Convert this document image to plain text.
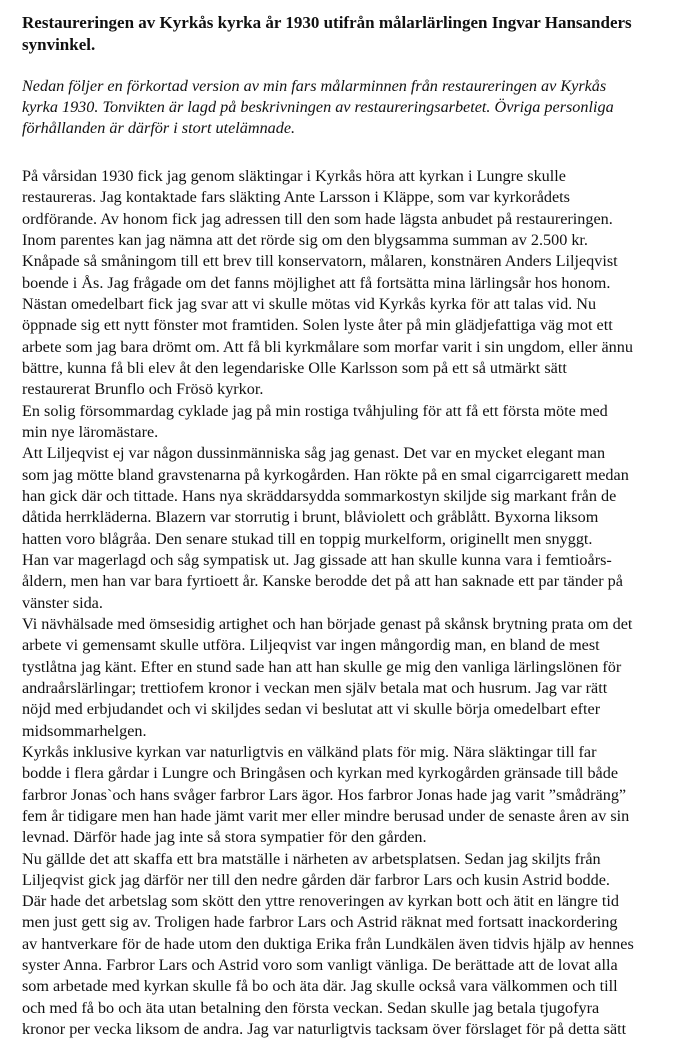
Restaureringen av Kyrkås kyrka år 1930 utifrån målarlärlingen Ingvar Hansanders
synvinkel.

Nedan följer en förkortad version av min fars målarminnen från restaureringen av Kyrkås
kyrka 1930. Tonvikten är lagd på beskrivningen av restaureringsarbetet. Övriga personliga
förhållanden är därför i stort utelämnade.

På vårsidan 1930 fick jag genom släktingar i Kyrkås höra att kyrkan i Lungre skulle
restaureras. Jag kontaktade fars släkting Ante Larsson i Kläppe, som var kyrkorådets
ordförande. Av honom fick jag adressen till den som hade lägsta anbudet på restaureringen.
Inom parentes kan jag nämna att det rörde sig om den blygsamma summan av 2.500 kr.
Knåpade så småningom till ett brev till konservatorn, målaren, konstnären Anders Liljeqvist
boende i Ås. Jag frågade om det fanns möjlighet att få fortsätta mina lärlingsår hos honom.
Nästan omedelbart fick jag svar att vi skulle mötas vid Kyrkås kyrka för att talas vid. Nu
öppnade sig ett nytt fönster mot framtiden. Solen lyste åter på min glädjefattiga väg mot ett
arbete som jag bara drömt om. Att få bli kyrkmålare som morfar varit i sin ungdom, eller ännu
bättre, kunna få bli elev åt den legendariske Olle Karlsson som på ett så utmärkt sätt
restaurerat Brunflo och Frösö kyrkor.
En solig försommardag cyklade jag på min rostiga tvåhjuling för att få ett första möte med
min nye läromästare.
Att Liljeqvist ej var någon dussinmänniska såg jag genast. Det var en mycket elegant man
som jag mötte bland gravstenarna på kyrkogården. Han rökte på en smal cigarrcigarett medan
han gick där och tittade. Hans nya skräddarsydda sommarkostyn skiljde sig markant från de
dåtida herrkläderna. Blazern var storrutig i brunt, blåviolett och gråblått. Byxorna liksom
hatten voro blågråa. Den senare stukad till en toppig murkelform, originellt men snyggt.
Han var magerlagd och såg sympatisk ut. Jag gissade att han skulle kunna vara i femtioårs-
åldern, men han var bara fyrtioett år. Kanske berodde det på att han saknade ett par tänder på
vänster sida.
Vi nävhälsade med ömsesidig artighet och han började genast på skånsk brytning prata om det
arbete vi gemensamt skulle utföra. Liljeqvist var ingen mångordig man, en bland de mest
tystlåtna jag känt. Efter en stund sade han att han skulle ge mig den vanliga lärlingslönen för
andraårslärlingar; trettiofem kronor i veckan men själv betala mat och husrum. Jag var rätt
nöjd med erbjudandet och vi skiljdes sedan vi beslutat att vi skulle börja omedelbart efter
midsommarhelgen.
Kyrkås inklusive kyrkan var naturligtvis en välkänd plats för mig. Nära släktingar till far
bodde i flera gårdar i Lungre och Bringåsen och kyrkan med kyrkogården gränsade till både
farbror Jonas`och hans svåger farbror Lars ägor. Hos farbror Jonas hade jag varit ”smådräng”
fem år tidigare men han hade jämt varit mer eller mindre berusad under de senaste åren av sin
levnad. Därför hade jag inte så stora sympatier för den gården.
Nu gällde det att skaffa ett bra matställe i närheten av arbetsplatsen. Sedan jag skiljts från
Liljeqvist gick jag därför ner till den nedre gården där farbror Lars och kusin Astrid bodde.
Där hade det arbetslag som skött den yttre renoveringen av kyrkan bott och ätit en längre tid
men just gett sig av. Troligen hade farbror Lars och Astrid räknat med fortsatt inackordering
av hantverkare för de hade utom den duktiga Erika från Lundkälen även tidvis hjälp av hennes
syster Anna. Farbror Lars och Astrid voro som vanligt vänliga. De berättade att de lovat alla
som arbetade med kyrkan skulle få bo och äta där. Jag skulle också vara välkommen och till
och med få bo och äta utan betalning den första veckan. Sedan skulle jag betala tjugofyra
kronor per vecka liksom de andra. Jag var naturligtvis tacksam över förslaget för på detta sätt
